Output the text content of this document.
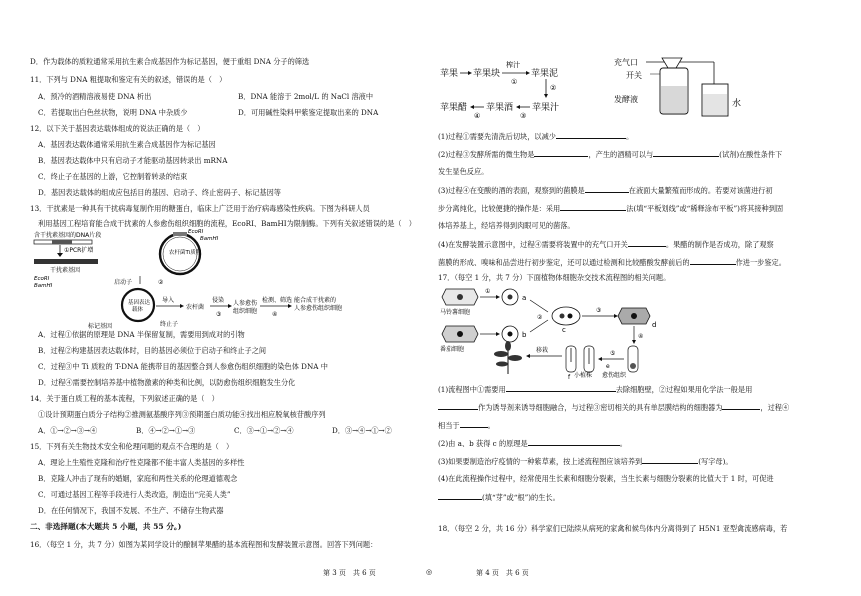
D．作为载体的质粒通常采用抗生素合成基因作为标记基因，便于重组 DNA 分子的筛选
11．下列与 DNA 粗提取和鉴定有关的叙述，错误的是（　）
A．预冷的酒精溶液易使 DNA 析出	B．DNA 能溶于 2mol/L 的 NaCl 溶液中
C．若提取出白色丝状物，说明 DNA 中杂质少	D．可用碱性染料甲紫鉴定提取出来的 DNA
12．以下关于基因表达载体组成的说法正确的是（　）
A．基因表达载体通常采用抗生素合成基因作为标记基因
B．基因表达载体中只有启动子才能驱动基因转录出 mRNA
C．终止子在基因的上游，它控制着转录的结束
D．基因表达载体的组成应包括目的基因、启动子、终止密码子、标记基因等
13．干扰素是一种具有干扰病毒复制作用的糖蛋白，临床上广泛用于治疗病毒感染性疾病。下图为科研人员
利用基因工程培育能合成干扰素的人参愈伤组织细胞的流程，EcoRⅠ、BamHⅠ为限制酶。下列有关叙述错误的是（　）
含干扰素基因的DNA片段
①PCR扩增
干扰素基因
EcoRⅠ
BamHⅠ
农杆菌Ti质粒
EcoRⅠ
BamHⅠ
启动子	②
基因表达
载体
标记基因	终止子
导入
农杆菌
侵染
③
人参愈伤
组织细胞
检测、筛选
④
能合成干扰素的
人参愈伤组织细胞
A．过程①依据的原理是 DNA 半保留复制，需要用到成对的引物
B．过程②构建基因表达载体时，目的基因必须位于启动子和终止子之间
C．过程③中 Ti 质粒的 T-DNA 能携带目的基因整合到人参愈伤组织细胞的染色体 DNA 中
D．过程④需要控制培养基中植物激素的种类和比例，以防愈伤组织细胞发生分化
14．关于蛋白质工程的基本流程，下列叙述正确的是（　）
①设计预期蛋白质分子结构②推测氨基酸序列③预期蛋白质功能④找出相应脱氧核苷酸序列
A．①→②→③→④	B．④→②→①→③	C．③→①→②→④	D．③→④→①→②
15．下列有关生物技术安全和伦理问题的观点不合理的是（　）
A．理论上生殖性克隆和治疗性克隆都不能丰富人类基因的多样性
B．克隆人冲击了现有的婚姻，家庭和两性关系的伦理道德观念
C．可通过基因工程等手段进行人类改造，制造出“完美人类”
D．在任何情况下，我国不发展、不生产、不储存生物武器
二、非选择题(本大题共 5 小题，共 55 分。)
16．（每空 1 分，共 7 分）如图为某同学设计的酿制苹果醋的基本流程图和发酵装置示意图。回答下列问题：
苹果 苹果块
榨汁
①
苹果泥
②
苹果醋
④
苹果酒
③
苹果汁
充气口
开关
发酵液	水
(1)过程①需要先清洗后切块，以减少	。
(2)过程③发酵所需的微生物是	，产生的酒精可以与	(试剂)在酸性条件下
发生显色反应。
(3)过程④在变酸的酒的表面，观察到的菌膜是	在液面大量繁殖而形成的。若要对该菌进行初
步分离纯化，比较便捷的操作是：采用	法(填“平板划线”或“稀释涂布平板”)将其接种到固
体培养基上，经培养得到肉眼可见的菌落。
(4)在发酵装置示意图中，过程④需要将装置中的充气口开关	。果醋的制作是否成功，除了观察
菌膜的形成、嗅味和品尝进行初步鉴定，还可以通过检测和比较醋酸发酵前后的	作进一步鉴定。
17．（每空 1 分，共 7 分）下面植物体细胞杂交技术流程图的相关问题。
马铃薯细胞
①
a
番茄细胞
b
②
c
③
d
④
愈伤组织
⑤
e
小植株
f
移栽
(1)流程图中①需要用	去除细胞壁，②过程如果用化学法一般是用
作为诱导剂来诱导细胞融合，与过程③密切相关的具有单层膜结构的细胞器为	，过程④
相当于	。
(2)由 a、b 获得 c 的原理是	。
(3)如果要制造治疗疫情的一种紫草素，按上述流程图应该培养到	(写字母)。
(4)在此流程操作过程中，经常使用生长素和细胞分裂素，当生长素与细胞分裂素的比值大于 1 时，可促进
(填“芽”或“根”)的生长。
18．（每空 2 分，共 16 分）科学家们已陆续从病死的家禽和候鸟体内分离得到了 H5N1 亚型禽流感病毒，若
第 3 页　共 6 页	◎	第 4 页　共 6 页
